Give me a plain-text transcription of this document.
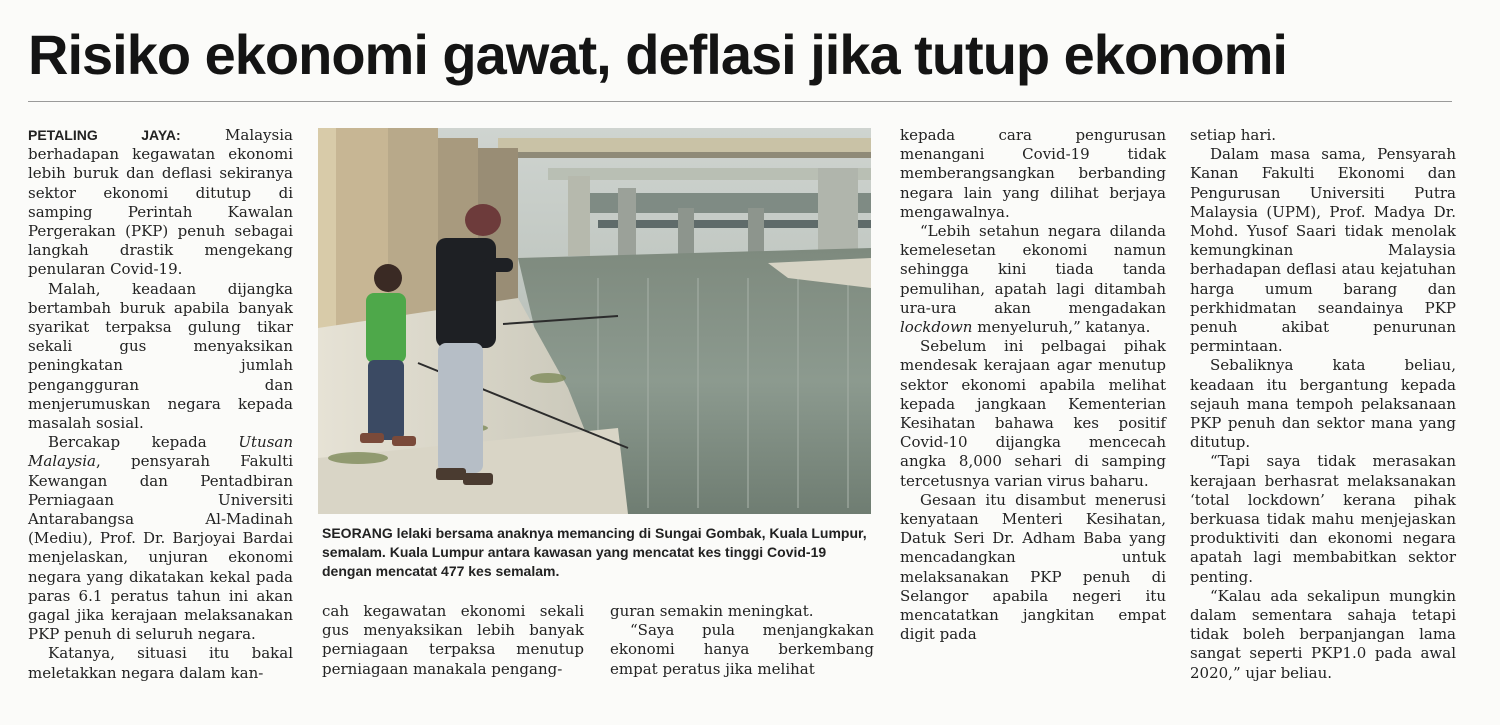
Risiko ekonomi gawat, deflasi jika tutup ekonomi

PETALING JAYA:	Malaysia berhadapan kegawatan ekonomi lebih buruk dan deflasi sekiranya sektor ekonomi ditutup di samping Perintah Kawalan Pergerakan (PKP) penuh sebagai langkah drastik mengekang penularan Covid-19.

Malah, keadaan dijangka bertambah buruk apabila banyak syarikat terpaksa gulung tikar sekali gus menyaksikan peningkatan jumlah pengangguran dan menjerumuskan negara kepada masalah sosial.

Bercakap kepada Utusan Malaysia, pensyarah Fakulti Kewangan dan Pentadbiran Perniagaan Universiti Antarabangsa Al-Madinah (Mediu), Prof. Dr. Barjoyai Bardai menjelaskan, unjuran ekonomi negara yang dikatakan kekal pada paras 6.1 peratus tahun ini akan gagal jika kerajaan melaksanakan PKP penuh di seluruh negara.

Katanya, situasi itu bakal meletakkan negara dalam kan-

SEORANG lelaki bersama anaknya memancing di Sungai Gombak, Kuala Lumpur, semalam. Kuala Lumpur antara kawasan yang mencatat kes tinggi Covid-19 dengan mencatat 477 kes semalam.

cah kegawatan ekonomi sekali gus menyaksikan lebih banyak perniagaan terpaksa menutup perniagaan manakala pengang-

guran semakin meningkat.

“Saya pula menjangkakan ekonomi hanya berkembang empat peratus jika melihat

kepada cara pengurusan menangani Covid-19 tidak memberangsangkan berbanding negara lain yang dilihat berjaya mengawalnya.

“Lebih setahun negara dilanda kemelesetan ekonomi namun sehingga kini tiada tanda pemulihan, apatah lagi ditambah ura-ura akan mengadakan lockdown menyeluruh,” katanya.

Sebelum ini pelbagai pihak mendesak kerajaan agar menutup sektor ekonomi apabila melihat kepada jangkaan Kementerian Kesihatan bahawa kes positif Covid-10 dijangka mencecah angka 8,000 sehari di samping tercetusnya varian virus baharu.

Gesaan itu disambut menerusi kenyataan Menteri Kesihatan, Datuk Seri Dr. Adham Baba yang mencadangkan untuk melaksanakan PKP penuh di Selangor apabila negeri itu mencatatkan jangkitan empat digit pada

setiap hari.

Dalam masa sama, Pensyarah Kanan Fakulti Ekonomi dan Pengurusan Universiti Putra Malaysia (UPM), Prof. Madya Dr. Mohd. Yusof Saari tidak menolak kemungkinan Malaysia berhadapan deflasi atau kejatuhan harga umum barang dan perkhidmatan seandainya PKP penuh akibat penurunan permintaan.

Sebaliknya kata beliau, keadaan itu bergantung kepada sejauh mana tempoh pelaksanaan PKP penuh dan sektor mana yang ditutup.

“Tapi saya tidak merasakan kerajaan berhasrat melaksanakan ‘total lockdown’ kerana pihak berkuasa tidak mahu menjejaskan produktiviti dan ekonomi negara apatah lagi membabitkan sektor penting.

“Kalau ada sekalipun mungkin dalam sementara sahaja tetapi tidak boleh berpanjangan lama sangat seperti PKP1.0 pada awal 2020,” ujar beliau.
